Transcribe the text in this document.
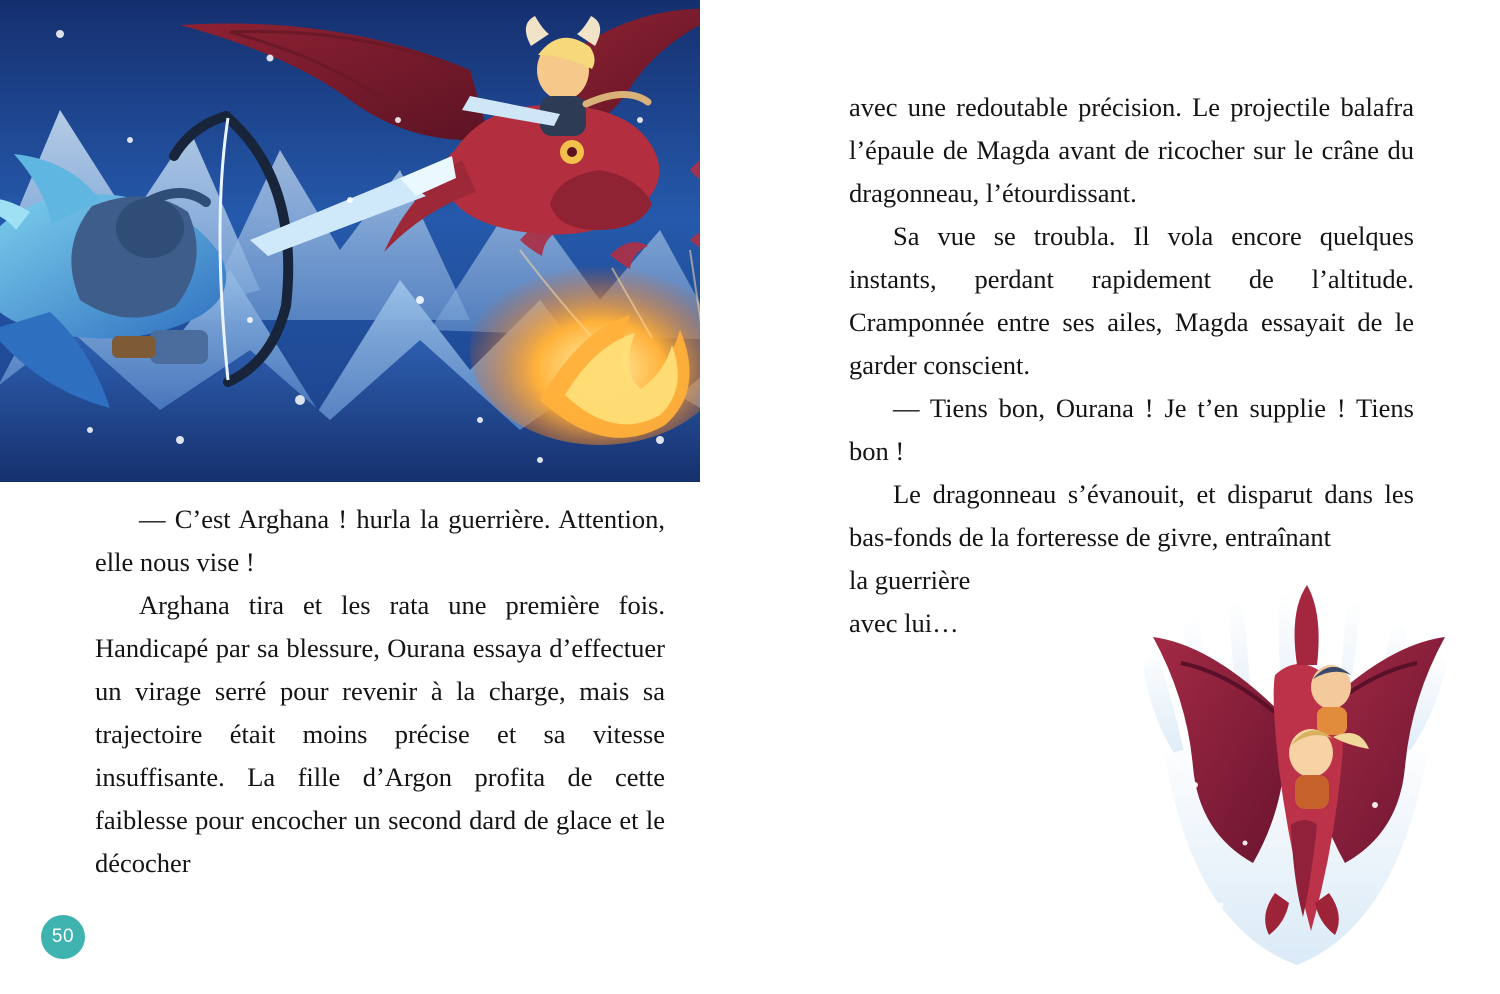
— C’est Arghana ! hurla la guerrière. Attention, elle nous vise !

Arghana tira et les rata une première fois. Handicapé par sa blessure, Ourana essaya d’effectuer un virage serré pour revenir à la charge, mais sa trajectoire était moins précise et sa vitesse insuffisante. La fille d’Argon profita de cette faiblesse pour encocher un second dard de glace et le décocher

50

avec une redoutable précision. Le projectile balafra l’épaule de Magda avant de ricocher sur le crâne du dragonneau, l’étourdissant.

Sa vue se troubla. Il vola encore quelques instants, perdant rapidement de l’altitude. Cramponnée entre ses ailes, Magda essayait de le garder conscient.

— Tiens bon, Ourana ! Je t’en supplie ! Tiens bon !

Le dragonneau s’évanouit, et disparut dans les bas-fonds de la forteresse de givre, entraînant

la guerrière

avec lui…
